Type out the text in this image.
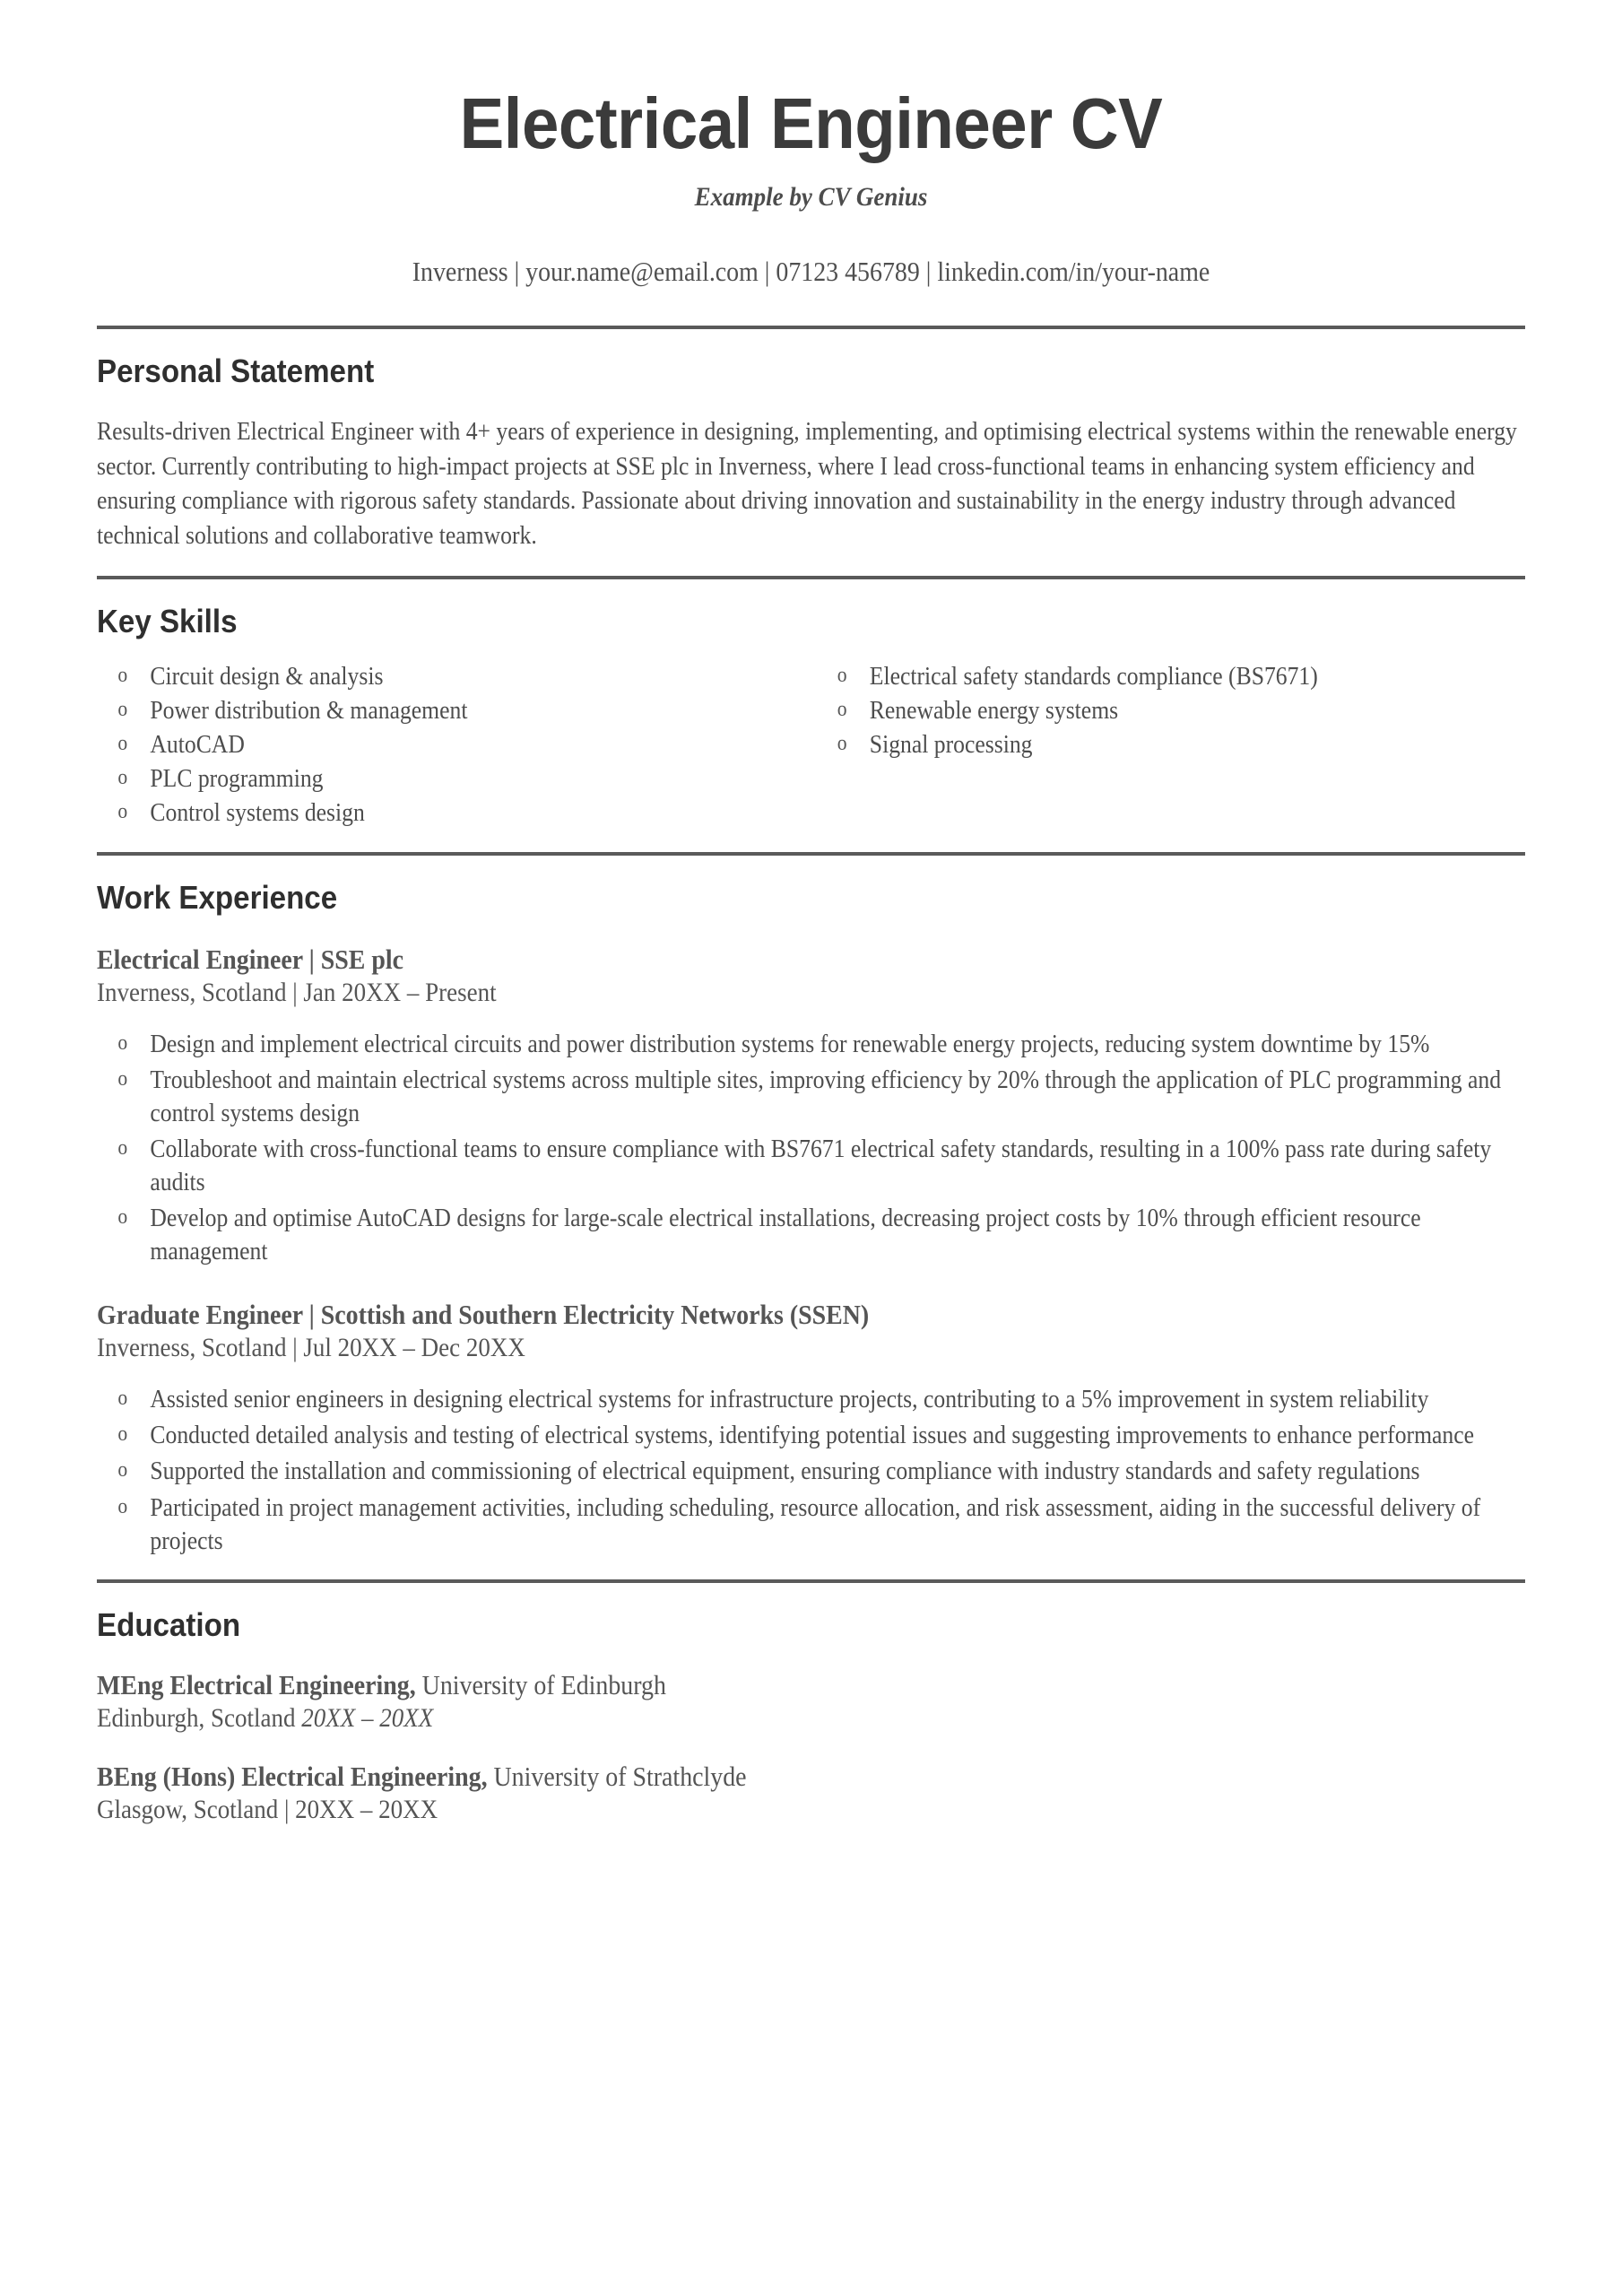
Electrical Engineer CV
Example by CV Genius
Inverness | your.name@email.com | 07123 456789 | linkedin.com/in/your-name
Personal Statement

Results-driven Electrical Engineer with 4+ years of experience in designing, implementing, and optimising electrical systems within the renewable energy sector. Currently contributing to high-impact projects at SSE plc in Inverness, where I lead cross-functional teams in enhancing system efficiency and ensuring compliance with rigorous safety standards. Passionate about driving innovation and sustainability in the energy industry through advanced technical solutions and collaborative teamwork.

Key Skills
o Circuit design & analysis
o Power distribution & management
o AutoCAD
o PLC programming
o Control systems design
o Electrical safety standards compliance (BS7671)
o Renewable energy systems
o Signal processing
Work Experience
Electrical Engineer | SSE plc
Inverness, Scotland | Jan 20XX – Present
o Design and implement electrical circuits and power distribution systems for renewable energy projects, reducing system downtime by 15%
o Troubleshoot and maintain electrical systems across multiple sites, improving efficiency by 20% through the application of PLC programming and control systems design
o Collaborate with cross-functional teams to ensure compliance with BS7671 electrical safety standards, resulting in a 100% pass rate during safety audits
o Develop and optimise AutoCAD designs for large-scale electrical installations, decreasing project costs by 10% through efficient resource management
Graduate Engineer | Scottish and Southern Electricity Networks (SSEN)
Inverness, Scotland | Jul 20XX – Dec 20XX
o Assisted senior engineers in designing electrical systems for infrastructure projects, contributing to a 5% improvement in system reliability
o Conducted detailed analysis and testing of electrical systems, identifying potential issues and suggesting improvements to enhance performance
o Supported the installation and commissioning of electrical equipment, ensuring compliance with industry standards and safety regulations
o Participated in project management activities, including scheduling, resource allocation, and risk assessment, aiding in the successful delivery of projects
Education
MEng Electrical Engineering, University of Edinburgh
Edinburgh, Scotland 20XX – 20XX
BEng (Hons) Electrical Engineering, University of Strathclyde
Glasgow, Scotland | 20XX – 20XX
